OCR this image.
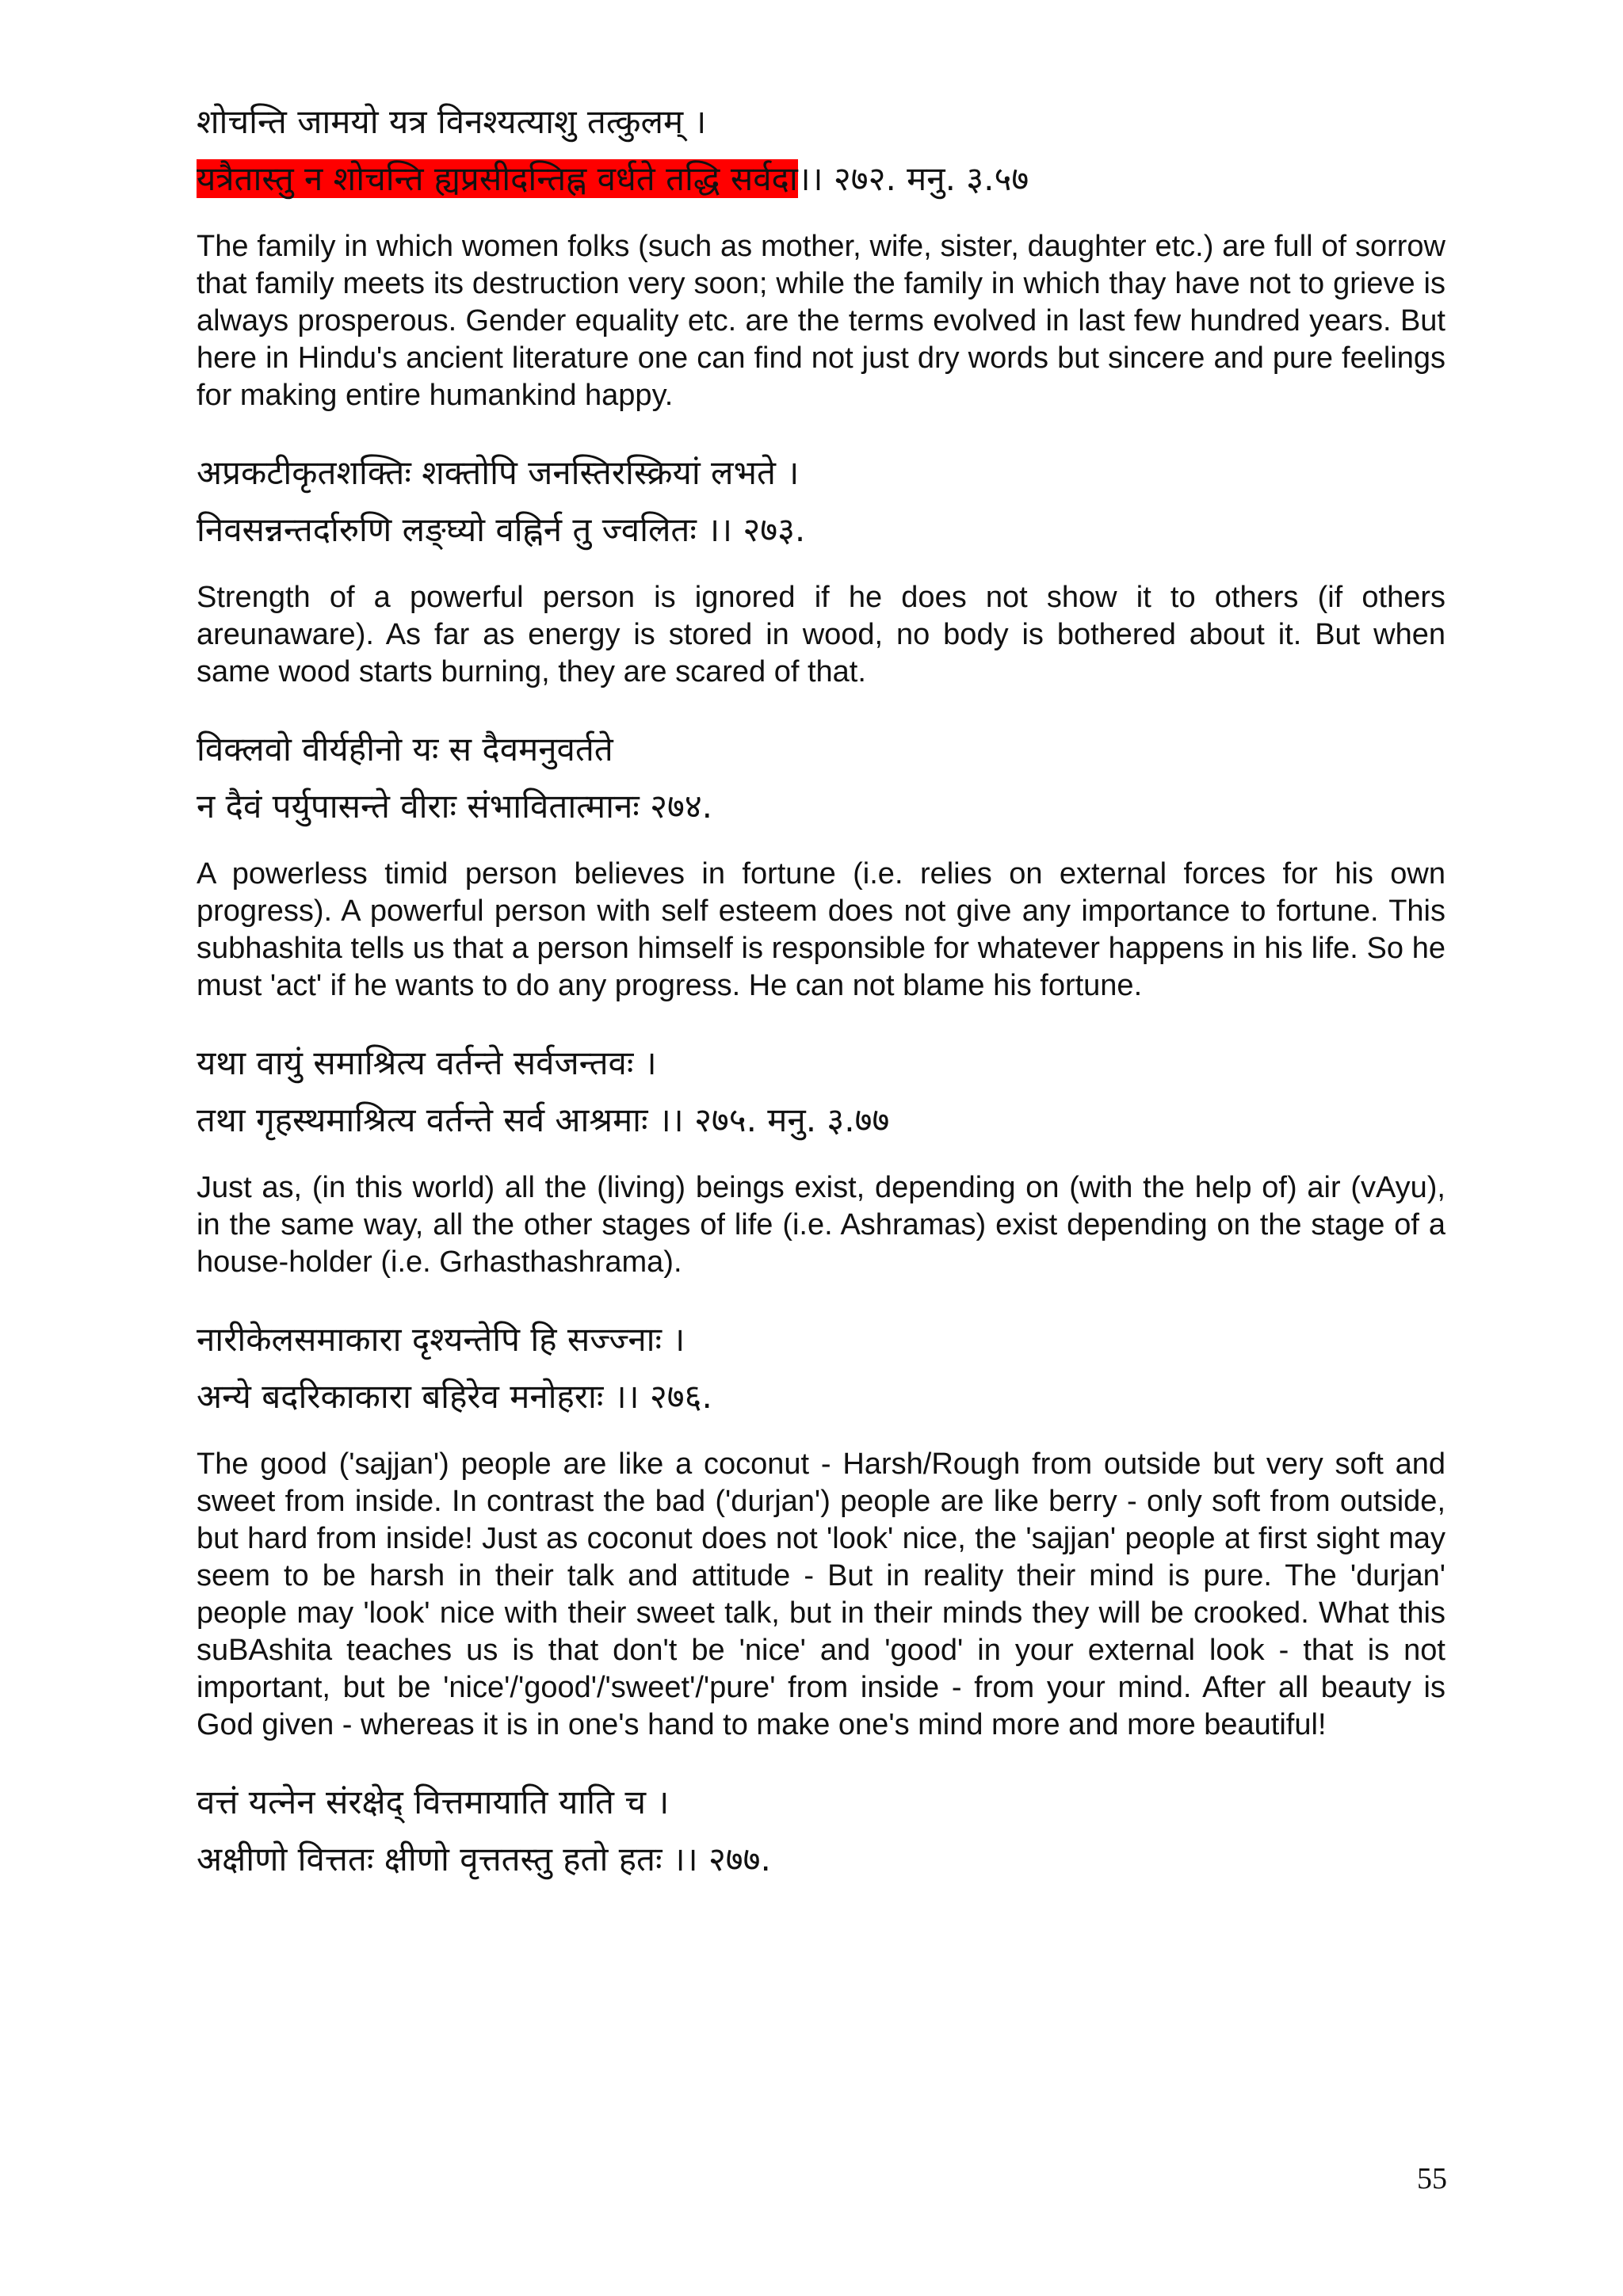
शोचन्ति जामयो यत्र विनश्यत्याशु तत्कुलम् ।
यत्रैतास्तु न शोचन्ति ह्यप्रसीदन्तिह्न वर्धते तद्धि सर्वदा।। २७२. मनु. ३.५७

The family in which women folks (such as mother, wife, sister, daughter etc.) are full of sorrow that family meets its destruction very soon; while the family in which thay have not to grieve is always prosperous. Gender equality etc. are the terms evolved in last few hundred years. But here in Hindu's ancient literature one can find not just dry words but sincere and pure feelings for making entire humankind happy.

अप्रकटीकृतशक्तिः शक्तोपि जनस्तिरस्क्रियां लभते ।
निवसन्नन्तर्दारुणि लङ्घ्यो वह्निर्न तु ज्वलितः ।। २७३.

Strength of a powerful person is ignored if he does not show it to others (if others areunaware). As far as energy is stored in wood, no body is bothered about it. But when same wood starts burning, they are scared of that.

विक्लवो वीर्यहीनो यः स दैवमनुवर्तते
न दैवं पर्युपासन्ते वीराः संभावितात्मानः २७४.

A powerless timid person believes in fortune (i.e. relies on external forces for his own progress). A powerful person with self esteem does not give any importance to fortune. This subhashita tells us that a person himself is responsible for whatever happens in his life. So he must 'act' if he wants to do any progress. He can not blame his fortune.

यथा वायुं समाश्रित्य वर्तन्ते सर्वजन्तवः ।
तथा गृहस्थमाश्रित्य वर्तन्ते सर्व आश्रमाः ।। २७५. मनु. ३.७७

Just as, (in this world) all the (living) beings exist, depending on (with the help of) air (vAyu), in the same way, all the other stages of life (i.e. Ashramas) exist depending on the stage of a house-holder (i.e. Grhasthashrama).

नारीकेलसमाकारा दृश्यन्तेपि हि सज्ज्नाः ।
अन्ये बदरिकाकारा बहिरेव मनोहराः ।। २७६.

The good ('sajjan') people are like a coconut - Harsh/Rough from outside but very soft and sweet from inside. In contrast the bad ('durjan') people are like berry - only soft from outside, but hard from inside! Just as coconut does not 'look' nice, the 'sajjan' people at first sight may seem to be harsh in their talk and attitude - But in reality their mind is pure. The 'durjan' people may 'look' nice with their sweet talk, but in their minds they will be crooked. What this suBAshita teaches us is that don't be 'nice' and 'good' in your external look - that is not important, but be 'nice'/'good'/'sweet'/'pure' from inside - from your mind. After all beauty is God given - whereas it is in one's hand to make one's mind more and more beautiful!

वत्तं यत्नेन संरक्षेद् वित्तमायाति याति च ।
अक्षीणो वित्ततः क्षीणो वृत्ततस्तु हतो हतः ।। २७७.
55
